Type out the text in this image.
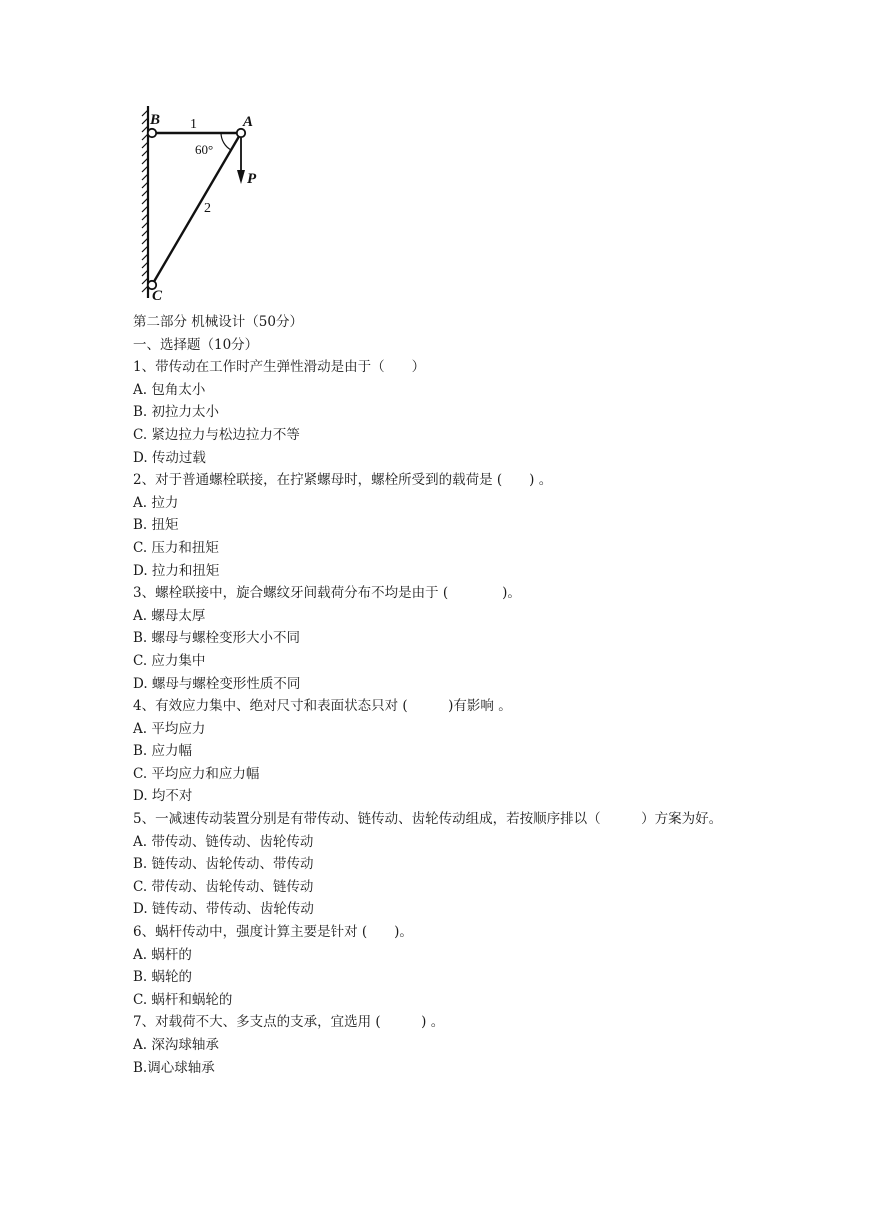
B	A
C
P
1
2
60°

第二部分 机械设计（50分）

一、选择题（10分）

1、带传动在工作时产生弹性滑动是由于（　　）

A. 包角太小

B. 初拉力太小

C. 紧边拉力与松边拉力不等

D. 传动过载

2、对于普通螺栓联接，在拧紧螺母时，螺栓所受到的载荷是 (　　) 。

A. 拉力

B. 扭矩

C. 压力和扭矩

D. 拉力和扭矩

3、螺栓联接中，旋合螺纹牙间载荷分布不均是由于 (　　　　)。

A. 螺母太厚

B. 螺母与螺栓变形大小不同

C. 应力集中

D. 螺母与螺栓变形性质不同

4、有效应力集中、绝对尺寸和表面状态只对 (　　　)有影响 。

A. 平均应力

B. 应力幅

C. 平均应力和应力幅

D. 均不对

5、一减速传动装置分别是有带传动、链传动、齿轮传动组成，若按顺序排以（　　　）方案为好。

A. 带传动、链传动、齿轮传动

B. 链传动、齿轮传动、带传动

C. 带传动、齿轮传动、链传动

D. 链传动、带传动、齿轮传动

6、蜗杆传动中，强度计算主要是针对 (　　)。

A. 蜗杆的

B. 蜗轮的

C. 蜗杆和蜗轮的

7、对载荷不大、多支点的支承，宜选用 (　　　) 。

A. 深沟球轴承

B.调心球轴承
